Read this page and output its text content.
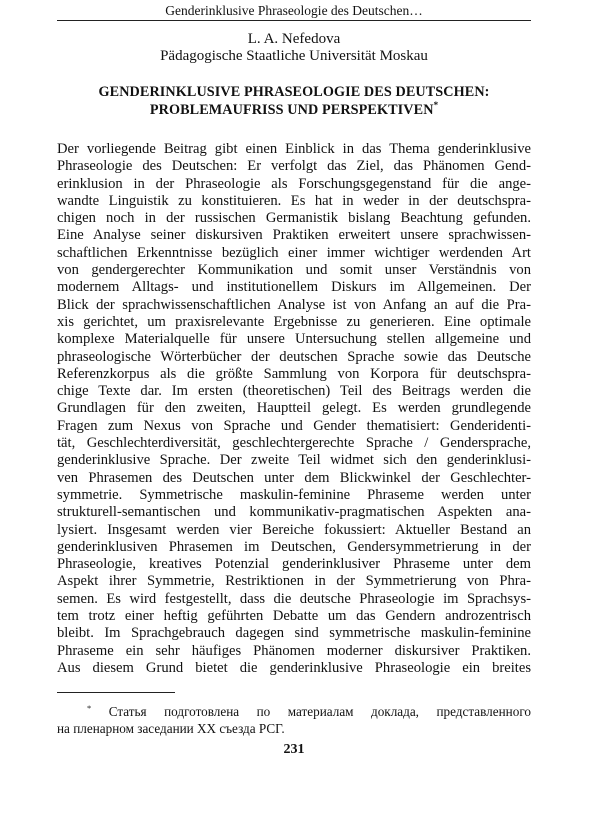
Genderinklusive Phraseologie des Deutschen…
L. A. Nefedova
Pädagogische Staatliche Universität Moskau
GENDERINKLUSIVE PHRASEOLOGIE DES DEUTSCHEN:
PROBLEMAUFRISS UND PERSPEKTIVEN*
Der vorliegende Beitrag gibt einen Einblick in das Thema genderinklusive
Phraseologie des Deutschen: Er verfolgt das Ziel, das Phänomen Gend-
erinklusion in der Phraseologie als Forschungsgegenstand für die ange-
wandte Linguistik zu konstituieren. Es hat in weder in der deutschspra-
chigen noch in der russischen Germanistik bislang Beachtung gefunden.
Eine Analyse seiner diskursiven Praktiken erweitert unsere sprachwissen-
schaftlichen Erkenntnisse bezüglich einer immer wichtiger werdenden Art
von gendergerechter Kommunikation und somit unser Verständnis von
modernem Alltags- und institutionellem Diskurs im Allgemeinen. Der
Blick der sprachwissenschaftlichen Analyse ist von Anfang an auf die Pra-
xis gerichtet, um praxisrelevante Ergebnisse zu generieren. Eine optimale
komplexe Materialquelle für unsere Untersuchung stellen allgemeine und
phraseologische Wörterbücher der deutschen Sprache sowie das Deutsche
Referenzkorpus als die größte Sammlung von Korpora für deutschspra-
chige Texte dar. Im ersten (theoretischen) Teil des Beitrags werden die
Grundlagen für den zweiten, Hauptteil gelegt. Es werden grundlegende
Fragen zum Nexus von Sprache und Gender thematisiert: Genderidenti-
tät, Geschlechterdiversität, geschlechtergerechte Sprache / Gendersprache,
genderinklusive Sprache. Der zweite Teil widmet sich den genderinklusi-
ven Phrasemen des Deutschen unter dem Blickwinkel der Geschlechter-
symmetrie. Symmetrische maskulin-feminine Phraseme werden unter
strukturell-semantischen und kommunikativ-pragmatischen Aspekten ana-
lysiert. Insgesamt werden vier Bereiche fokussiert: Aktueller Bestand an
genderinklusiven Phrasemen im Deutschen, Gendersymmetrierung in der
Phraseologie, kreatives Potenzial genderinklusiver Phraseme unter dem
Aspekt ihrer Symmetrie, Restriktionen in der Symmetrierung von Phra-
semen. Es wird festgestellt, dass die deutsche Phraseologie im Sprachsys-
tem trotz einer heftig geführten Debatte um das Gendern androzentrisch
bleibt. Im Sprachgebrauch dagegen sind symmetrische maskulin-feminine
Phraseme ein sehr häufiges Phänomen moderner diskursiver Praktiken.
Aus diesem Grund bietet die genderinklusive Phraseologie ein breites
* Статья подготовлена по материалам доклада, представленного
на пленарном заседании XX съезда РСГ.
231
